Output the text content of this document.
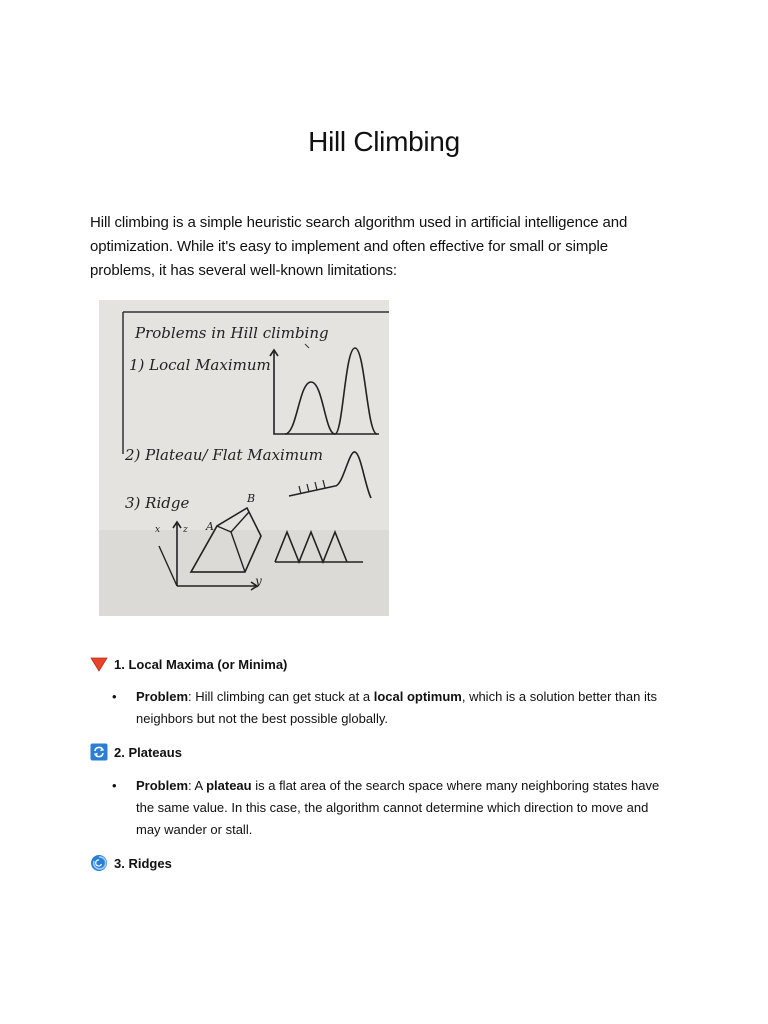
Hill Climbing

Hill climbing is a simple heuristic search algorithm used in artificial intelligence and optimization. While it's easy to implement and often effective for small or simple problems, it has several well-known limitations:

Problems in Hill climbing
1) Local Maximum
2) Plateau/ Flat Maximum
3) Ridge
A
B
y
z
x
1. Local Maxima (or Minima)
•	Problem: Hill climbing can get stuck at a local optimum, which is a solution better than its neighbors but not the best possible globally.
2. Plateaus
•	Problem: A plateau is a flat area of the search space where many neighboring states have the same value. In this case, the algorithm cannot determine which direction to move and may wander or stall.
3. Ridges
